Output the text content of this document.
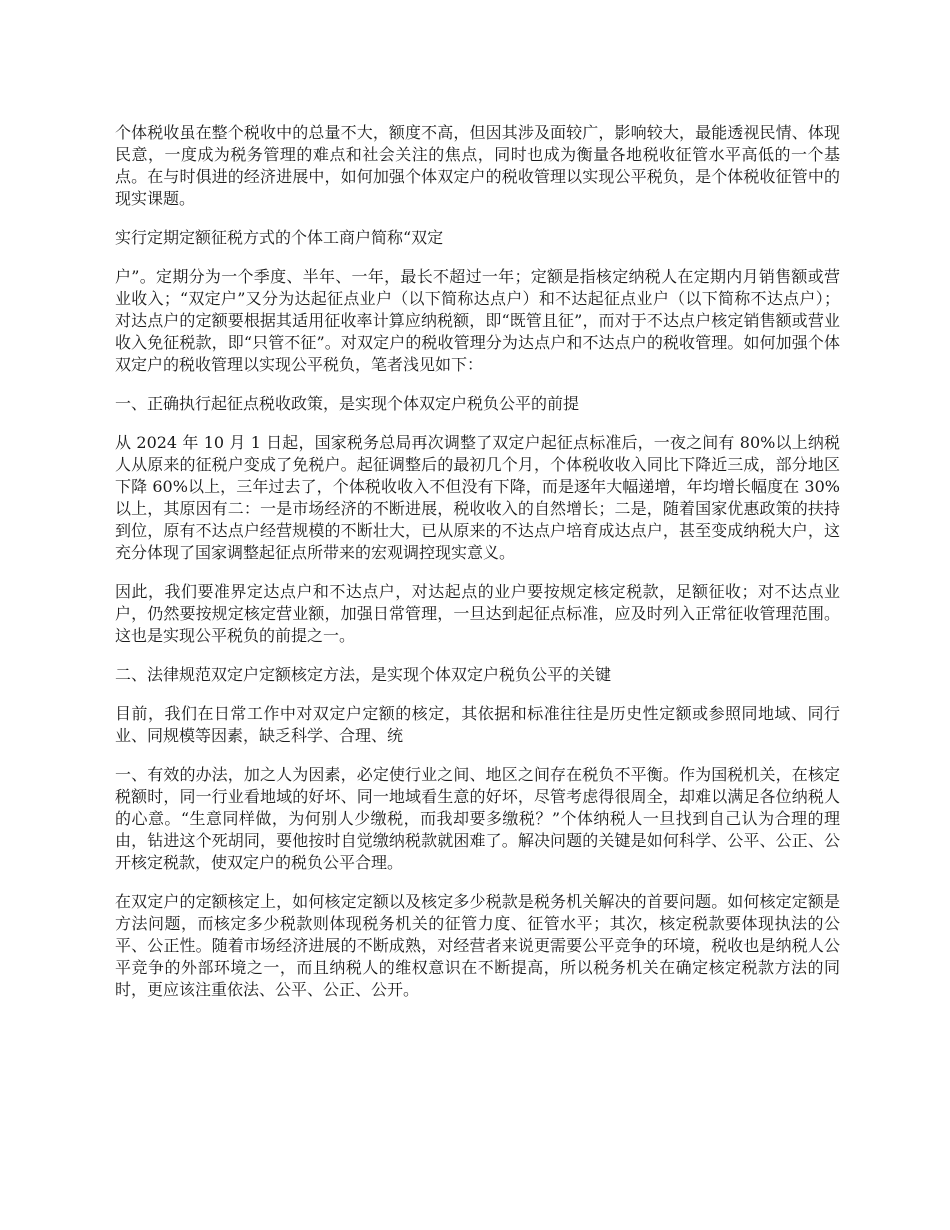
个体税收虽在整个税收中的总量不大，额度不高，但因其涉及面较广，影响较大，最能透视民情、体现民意，一度成为税务管理的难点和社会关注的焦点，同时也成为衡量各地税收征管水平高低的一个基点。在与时俱进的经济进展中，如何加强个体双定户的税收管理以实现公平税负，是个体税收征管中的现实课题。

实行定期定额征税方式的个体工商户简称“双定

户”。定期分为一个季度、半年、一年，最长不超过一年；定额是指核定纳税人在定期内月销售额或营业收入；“双定户”又分为达起征点业户（以下简称达点户）和不达起征点业户（以下简称不达点户）；对达点户的定额要根据其适用征收率计算应纳税额，即“既管且征”，而对于不达点户核定销售额或营业收入免征税款，即“只管不征”。对双定户的税收管理分为达点户和不达点户的税收管理。如何加强个体双定户的税收管理以实现公平税负，笔者浅见如下：

一、正确执行起征点税收政策，是实现个体双定户税负公平的前提

从 2024 年 10 月 1 日起，国家税务总局再次调整了双定户起征点标准后，一夜之间有 80%以上纳税人从原来的征税户变成了免税户。起征调整后的最初几个月，个体税收收入同比下降近三成，部分地区下降 60%以上，三年过去了，个体税收收入不但没有下降，而是逐年大幅递增，年均增长幅度在 30%以上，其原因有二：一是市场经济的不断进展，税收收入的自然增长；二是，随着国家优惠政策的扶持到位，原有不达点户经营规模的不断壮大，已从原来的不达点户培育成达点户，甚至变成纳税大户，这充分体现了国家调整起征点所带来的宏观调控现实意义。

因此，我们要准界定达点户和不达点户，对达起点的业户要按规定核定税款，足额征收；对不达点业户，仍然要按规定核定营业额，加强日常管理，一旦达到起征点标准，应及时列入正常征收管理范围。这也是实现公平税负的前提之一。

二、法律规范双定户定额核定方法，是实现个体双定户税负公平的关键

目前，我们在日常工作中对双定户定额的核定，其依据和标准往往是历史性定额或参照同地域、同行业、同规模等因素，缺乏科学、合理、统

一、有效的办法，加之人为因素，必定使行业之间、地区之间存在税负不平衡。作为国税机关，在核定税额时，同一行业看地域的好坏、同一地域看生意的好坏，尽管考虑得很周全，却难以满足各位纳税人的心意。“生意同样做，为何别人少缴税，而我却要多缴税？”个体纳税人一旦找到自己认为合理的理由，钻进这个死胡同，要他按时自觉缴纳税款就困难了。解决问题的关键是如何科学、公平、公正、公开核定税款，使双定户的税负公平合理。

在双定户的定额核定上，如何核定定额以及核定多少税款是税务机关解决的首要问题。如何核定定额是方法问题，而核定多少税款则体现税务机关的征管力度、征管水平；其次，核定税款要体现执法的公平、公正性。随着市场经济进展的不断成熟，对经营者来说更需要公平竞争的环境，税收也是纳税人公平竞争的外部环境之一，而且纳税人的维权意识在不断提高，所以税务机关在确定核定税款方法的同时，更应该注重依法、公平、公正、公开。
